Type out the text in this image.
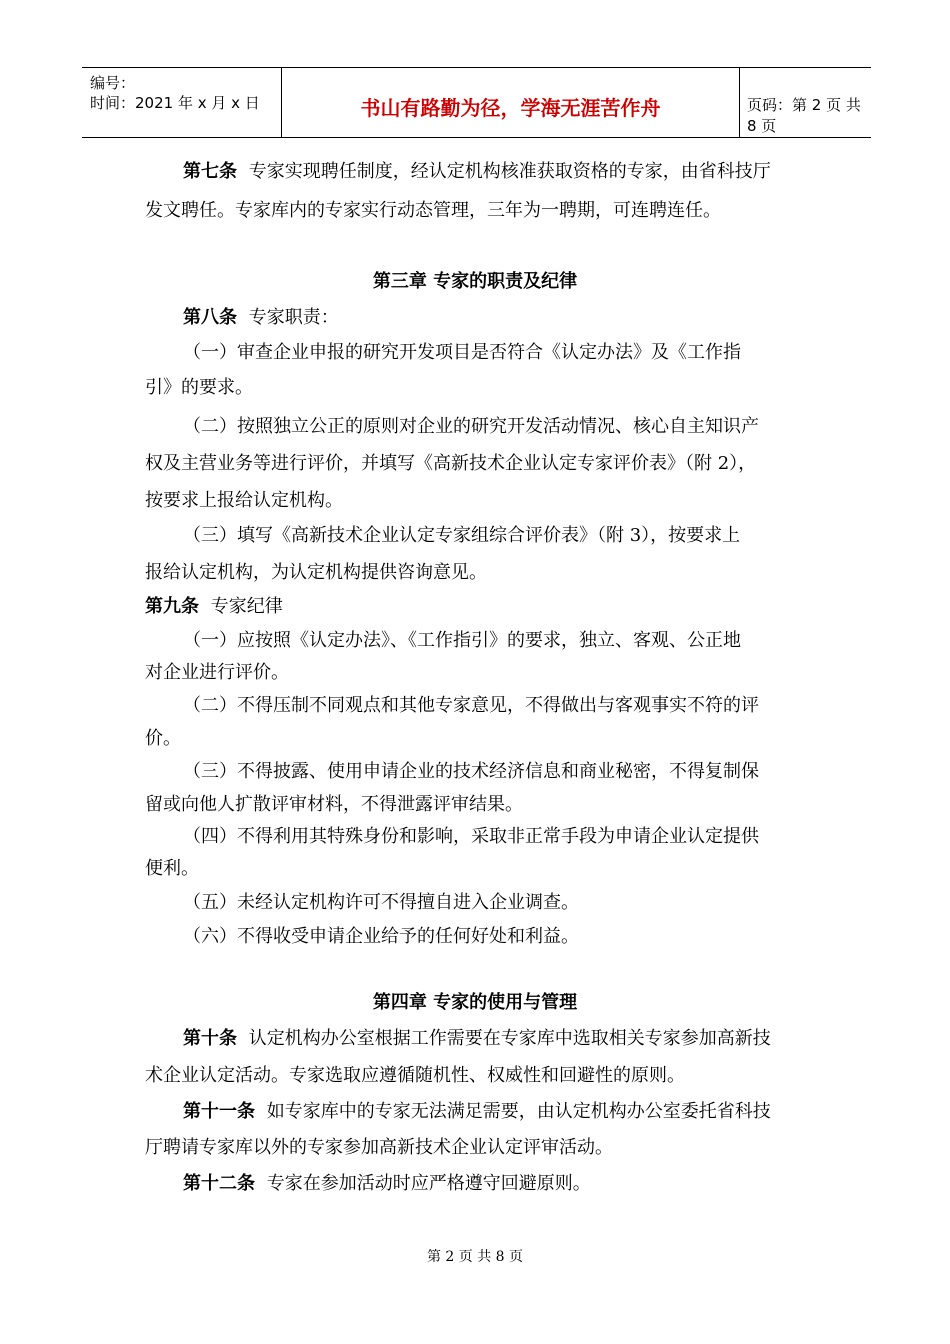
编号：
时间：2021 年 x 月 x 日	书山有路勤为径，学海无涯苦作舟	页码：第 2 页 共 8 页
第七条 专家实现聘任制度，经认定机构核准获取资格的专家，由省科技厅
发文聘任。专家库内的专家实行动态管理，三年为一聘期，可连聘连任。
第三章 专家的职责及纪律
第八条 专家职责：
（一）审查企业申报的研究开发项目是否符合《认定办法》及《工作指
引》的要求。
（二）按照独立公正的原则对企业的研究开发活动情况、核心自主知识产
权及主营业务等进行评价，并填写《高新技术企业认定专家评价表》（附 2），
按要求上报给认定机构。
（三）填写《高新技术企业认定专家组综合评价表》（附 3），按要求上
报给认定机构，为认定机构提供咨询意见。
第九条 专家纪律
（一）应按照《认定办法》、《工作指引》的要求，独立、客观、公正地
对企业进行评价。
（二）不得压制不同观点和其他专家意见，不得做出与客观事实不符的评
价。
（三）不得披露、使用申请企业的技术经济信息和商业秘密，不得复制保
留或向他人扩散评审材料，不得泄露评审结果。
（四）不得利用其特殊身份和影响，采取非正常手段为申请企业认定提供
便利。
（五）未经认定机构许可不得擅自进入企业调查。
（六）不得收受申请企业给予的任何好处和利益。
第四章 专家的使用与管理
第十条 认定机构办公室根据工作需要在专家库中选取相关专家参加高新技
术企业认定活动。专家选取应遵循随机性、权威性和回避性的原则。
第十一条 如专家库中的专家无法满足需要，由认定机构办公室委托省科技
厅聘请专家库以外的专家参加高新技术企业认定评审活动。
第十二条 专家在参加活动时应严格遵守回避原则。
第 2 页 共 8 页
